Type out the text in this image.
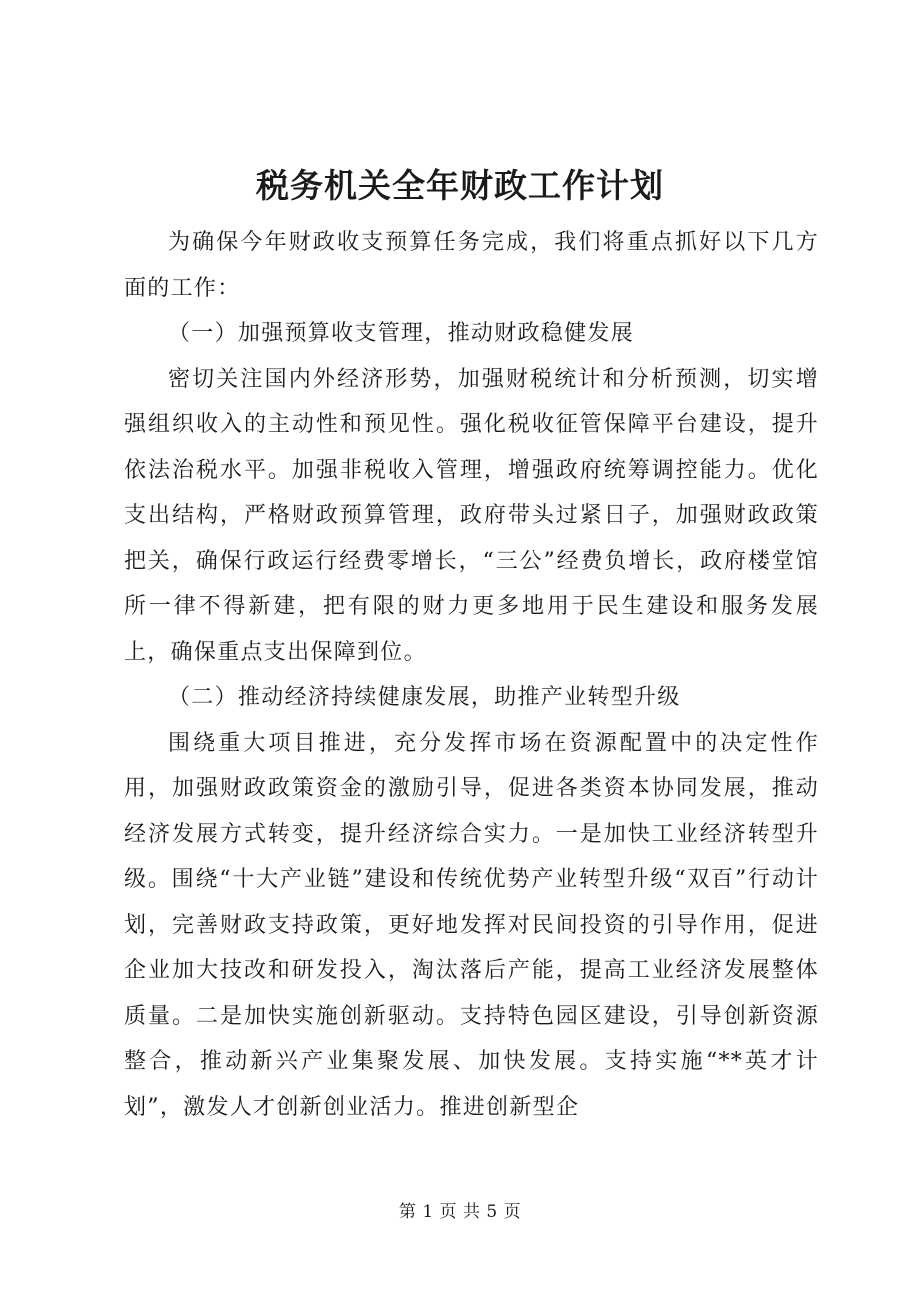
税务机关全年财政工作计划

为确保今年财政收支预算任务完成，我们将重点抓好以下几方面的工作：

（一）加强预算收支管理，推动财政稳健发展

密切关注国内外经济形势，加强财税统计和分析预测，切实增强组织收入的主动性和预见性。强化税收征管保障平台建设，提升依法治税水平。加强非税收入管理，增强政府统筹调控能力。优化支出结构，严格财政预算管理，政府带头过紧日子，加强财政政策把关，确保行政运行经费零增长，“三公”经费负增长，政府楼堂馆所一律不得新建，把有限的财力更多地用于民生建设和服务发展上，确保重点支出保障到位。

（二）推动经济持续健康发展，助推产业转型升级

围绕重大项目推进，充分发挥市场在资源配置中的决定性作用，加强财政政策资金的激励引导，促进各类资本协同发展，推动经济发展方式转变，提升经济综合实力。一是加快工业经济转型升级。围绕“十大产业链”建设和传统优势产业转型升级“双百”行动计划，完善财政支持政策，更好地发挥对民间投资的引导作用，促进企业加大技改和研发投入，淘汰落后产能，提高工业经济发展整体质量。二是加快实施创新驱动。支持特色园区建设，引导创新资源整合，推动新兴产业集聚发展、加快发展。支持实施“**英才计划”，激发人才创新创业活力。推进创新型企

第 1 页 共 5 页
